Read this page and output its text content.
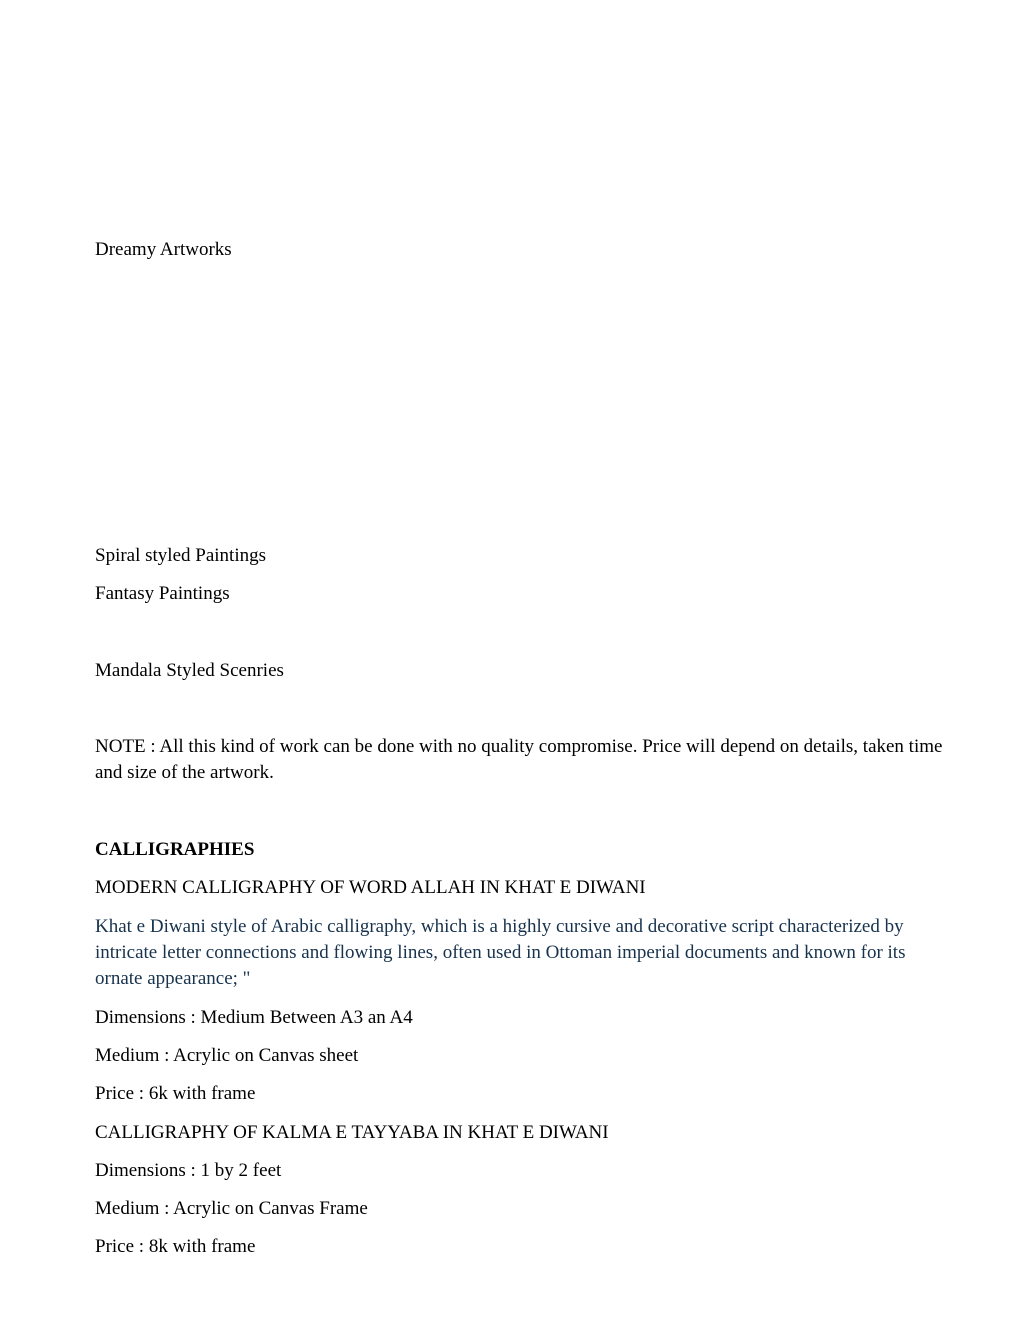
Dreamy Artworks

Spiral styled Paintings

Fantasy Paintings

Mandala Styled Scenries

NOTE : All this kind of work can be done with no quality compromise. Price will depend on details, taken time and size of the artwork.

CALLIGRAPHIES

MODERN CALLIGRAPHY OF WORD ALLAH IN KHAT E DIWANI

Khat e Diwani style of Arabic calligraphy, which is a highly cursive and decorative script characterized by intricate letter connections and flowing lines, often used in Ottoman imperial documents and known for its ornate appearance; "

Dimensions : Medium Between A3 an A4

Medium : Acrylic on Canvas sheet

Price : 6k with frame

CALLIGRAPHY OF KALMA E TAYYABA IN KHAT E DIWANI

Dimensions : 1 by 2 feet

Medium : Acrylic on Canvas Frame

Price : 8k with frame
